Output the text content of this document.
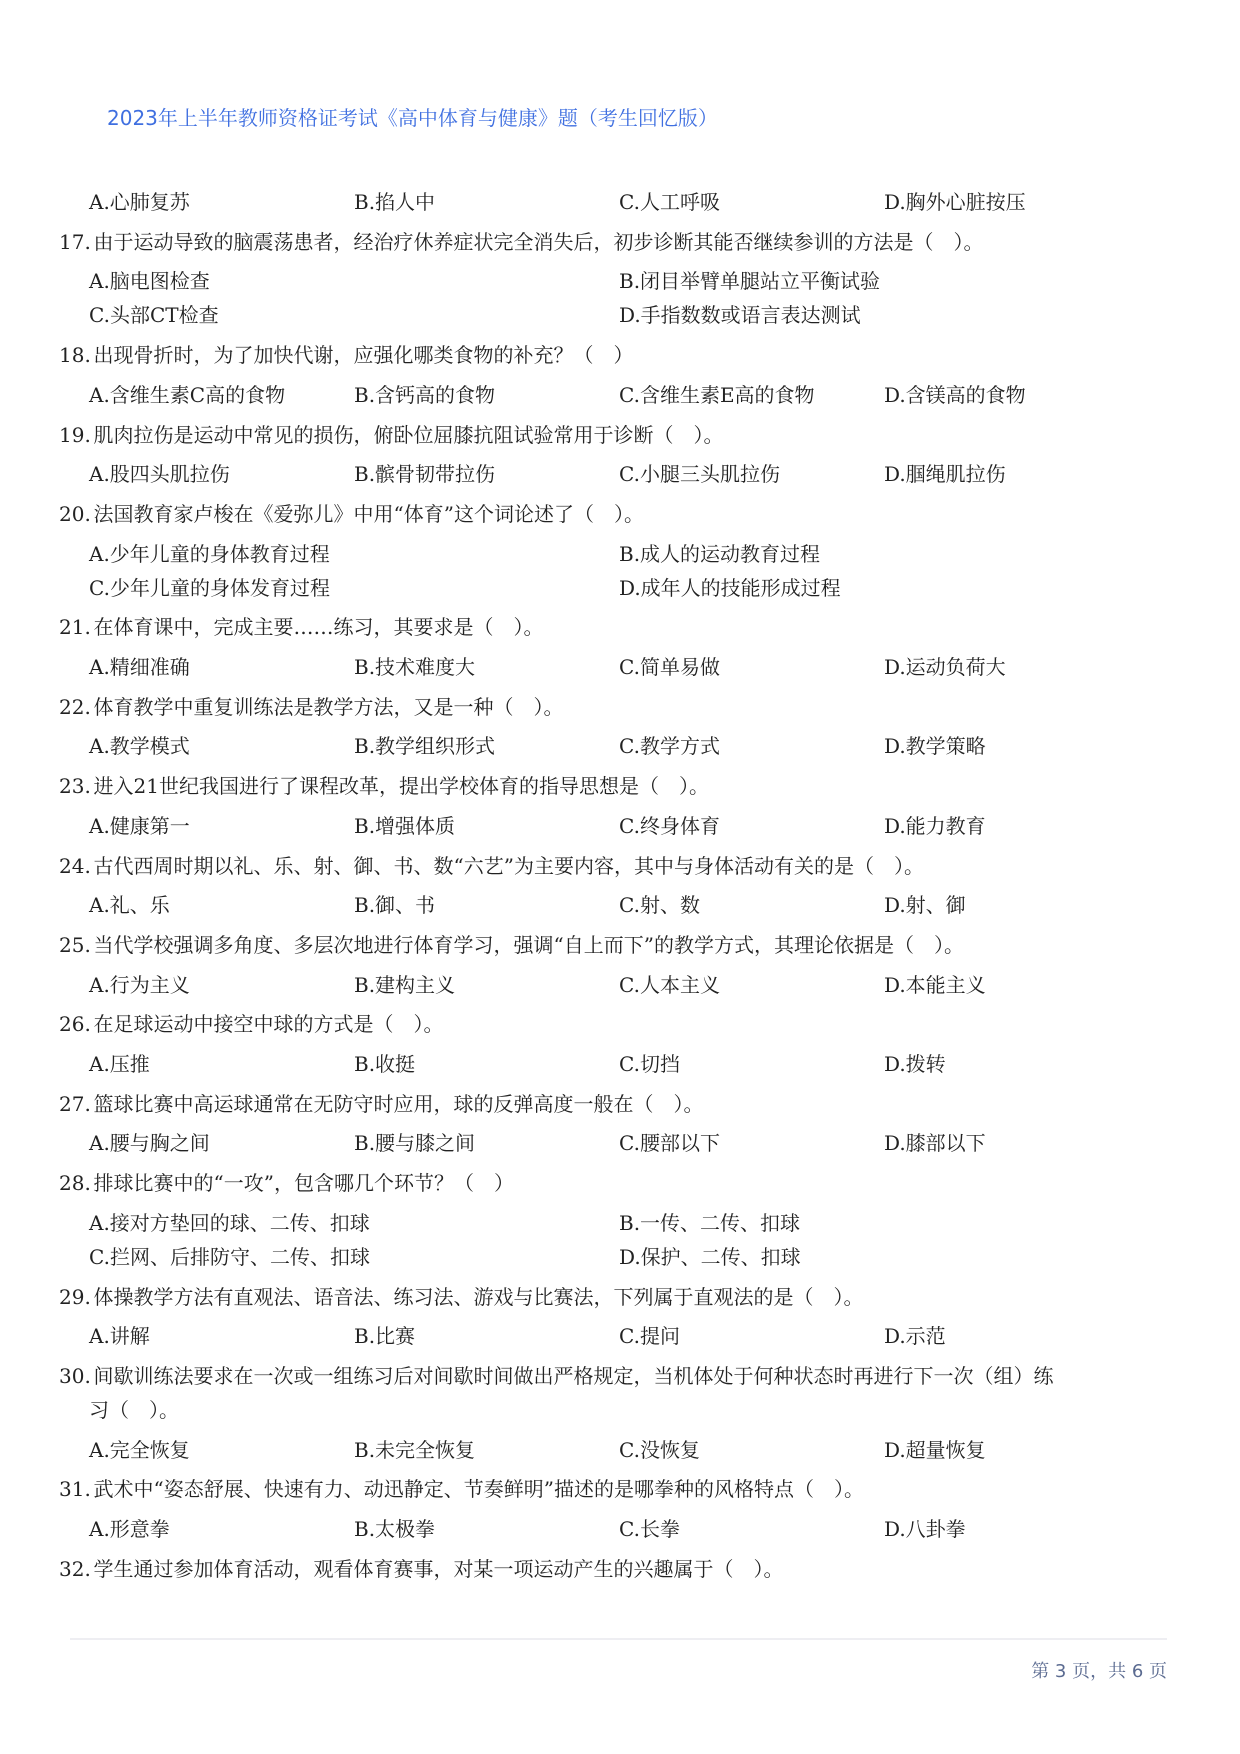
2023年上半年教师资格证考试《高中体育与健康》题（考生回忆版）
A.心肺复苏	B.掐人中	C.人工呼吸	D.胸外心脏按压
17. 由于运动导致的脑震荡患者，经治疗休养症状完全消失后，初步诊断其能否继续参训的方法是（　）。
A.脑电图检查	B.闭目举臂单腿站立平衡试验
C.头部CT检查	D.手指数数或语言表达测试
18. 出现骨折时，为了加快代谢，应强化哪类食物的补充？（　）
A.含维生素C高的食物	B.含钙高的食物	C.含维生素E高的食物	D.含镁高的食物
19. 肌肉拉伤是运动中常见的损伤，俯卧位屈膝抗阻试验常用于诊断（　）。
A.股四头肌拉伤	B.髌骨韧带拉伤	C.小腿三头肌拉伤	D.腘绳肌拉伤
20. 法国教育家卢梭在《爱弥儿》中用“体育”这个词论述了（　）。
A.少年儿童的身体教育过程	B.成人的运动教育过程
C.少年儿童的身体发育过程	D.成年人的技能形成过程
21. 在体育课中，完成主要……练习，其要求是（　）。
A.精细准确	B.技术难度大	C.简单易做	D.运动负荷大
22. 体育教学中重复训练法是教学方法，又是一种（　）。
A.教学模式	B.教学组织形式	C.教学方式	D.教学策略
23. 进入21世纪我国进行了课程改革，提出学校体育的指导思想是（　）。
A.健康第一	B.增强体质	C.终身体育	D.能力教育
24. 古代西周时期以礼、乐、射、御、书、数“六艺”为主要内容，其中与身体活动有关的是（　）。
A.礼、乐	B.御、书	C.射、数	D.射、御
25. 当代学校强调多角度、多层次地进行体育学习，强调“自上而下”的教学方式，其理论依据是（　）。
A.行为主义	B.建构主义	C.人本主义	D.本能主义
26. 在足球运动中接空中球的方式是（　）。
A.压推	B.收挺	C.切挡	D.拨转
27. 篮球比赛中高运球通常在无防守时应用，球的反弹高度一般在（　）。
A.腰与胸之间	B.腰与膝之间	C.腰部以下	D.膝部以下
28. 排球比赛中的“一攻”，包含哪几个环节？（　）
A.接对方垫回的球、二传、扣球	B.一传、二传、扣球
C.拦网、后排防守、二传、扣球	D.保护、二传、扣球
29. 体操教学方法有直观法、语音法、练习法、游戏与比赛法，下列属于直观法的是（　）。
A.讲解	B.比赛	C.提问	D.示范
30. 间歇训练法要求在一次或一组练习后对间歇时间做出严格规定，当机体处于何种状态时再进行下一次（组）练
习（　）。
A.完全恢复	B.未完全恢复	C.没恢复	D.超量恢复
31. 武术中“姿态舒展、快速有力、动迅静定、节奏鲜明”描述的是哪拳种的风格特点（　）。
A.形意拳	B.太极拳	C.长拳	D.八卦拳
32. 学生通过参加体育活动，观看体育赛事，对某一项运动产生的兴趣属于（　）。
第 3 页，共 6 页
